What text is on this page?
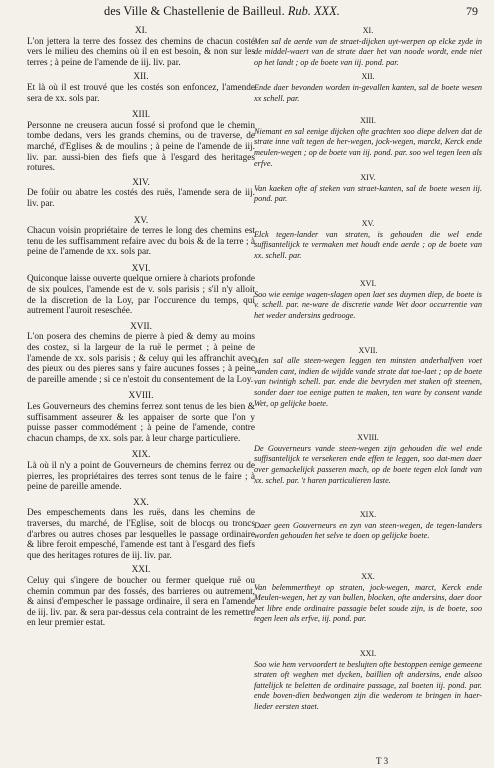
des Ville & Chastellenie de Bailleul. Rub. XXX.	79
XI.
L'on jettera la terre des fossez des chemins de chacun costé vers le milieu des chemins où il en est besoin, & non sur les terres ; à peine de l'amende de iij. liv. par.
XII.
Et là où il est trouvé que les costés son enfoncez, l'amende sera de xx. sols par.
XIII.
Personne ne creusera aucun fossé si profond que le chemin tombe dedans, vers les grands chemins, ou de traverse, de marché, d'Eglises & de moulins ; à peine de l'amende de iij. liv. par. aussi-bien des fiefs que à l'esgard des heritages rotures.
XIV.
De foüir ou abatre les costés des ruës, l'amende sera de iij. liv. par.
XV.
Chacun voisin propriétaire de terres le long des chemins est tenu de les suffisamment refaire avec du bois & de la terre ; à peine de l'amende de xx. sols par.
XVI.
Quiconque laisse ouverte quelque orniere à chariots profonde de six poulces, l'amende est de v. sols parisis ; s'il n'y alloit de la discretion de la Loy, par l'occurence du temps, qui autrement l'auroit reseschée.
XVII.
L'on posera des chemins de pierre à pied & demy au moins des costez, si la largeur de la ruë le permet ; à peine de l'amende de xx. sols parisis ; & celuy qui les affranchit avec des pieux ou des pieres sans y faire aucunes fosses ; à peine de pareille amende ; si ce n'estoit du consentement de la Loy.
XVIII.
Les Gouverneurs des chemins ferrez sont tenus de les bien & suffisamment asseurer & les appaiser de sorte que l'on y puisse passer commodément ; à peine de l'amende, contre chacun champs, de xx. sols par. à leur charge particuliere.
XIX.
Là où il n'y a point de Gouverneurs de chemins ferrez ou de pierres, les propriétaires des terres sont tenus de le faire ; à peine de pareille amende.
XX.
Des empeschements dans les ruës, dans les chemins de traverses, du marché, de l'Eglise, soit de blocqs ou troncs d'arbres ou autres choses par lesquelles le passage ordinaire & libre feroit empesché, l'amende est tant à l'esgard des fiefs que des heritages rotures de iij. liv. par.
XXI.
Celuy qui s'ingere de boucher ou fermer quelque ruë ou chemin commun par des fossés, des barrieres ou autrement, & ainsi d'empescher le passage ordinaire, il sera en l'amende de iij. liv. par. & sera par-dessus cela contraint de les remettre en leur premier estat.
XI.
Men sal de aerde van de straet-dijcken uyt-werpen op elcke zyde in de middel-waert van de strate daer het van noode wordt, ende niet op het landt ; op de boete van iij. pond. par.
XII.
Ende daer bevonden worden in-gevallen kanten, sal de boete wesen xx schell. par.
XIII.
Niemant en sal eenige dijcken ofte grachten soo diepe delven dat de strate inne valt tegen de her-wegen, jock-wegen, marckt, Kerck ende meulen-wegen ; op de boete van iij. pond. par. soo wel tegen leen als erfve.
XIV.
Van kaeken ofte af steken van straet-kanten, sal de boete wesen iij. pond. par.
XV.
Elck tegen-lander van straten, is gehouden die wel ende suffisantelijck te vermaken met houdt ende aerde ; op de boete van xx. schell. par.
XVI.
Soo wie eenige wagen-slagen open laet ses duymen diep, de boete is v. schell. par. ne-ware de discretie vande Wet door occurrentie van het weder andersins gedrooge.
XVII.
Men sal alle steen-wegen leggen ten minsten anderhalfven voet vanden cant, indien de wijdde vande strate dat toe-laet ; op de boete van twintigh schell. par. ende die bevryden met staken oft steenen, sonder daer toe eenige putten te maken, ten ware by consent vande Wet, op gelijcke boete.
XVIII.
De Gouverneurs vande steen-wegen zijn gehouden die wel ende suffisantelijck te versekeren ende effen te leggen, soo dat-men daer over gemackelijck passeren mach, op de boete tegen elck landt van xx. schel. par. 't haren particulieren laste.
XIX.
Daer geen Gouverneurs en zyn van steen-wegen, de tegen-landers worden gehouden het selve te doen op gelijcke boete.
XX.
Van belemmertheyt op straten, jock-wegen, marct, Kerck ende Meulen-wegen, het zy van bullen, blocken, ofte andersins, daer door het libre ende ordinaire passagie belet soude zijn, is de boete, soo tegen leen als erfve, iij. pond. par.
XXI.
Soo wie hem vervoordert te beslujten ofte bestoppen eenige gemeene straten oft weghen met dycken, baillien oft andersins, ende alsoo fattelijck te beletten de ordinaire passage, zal boeten iij. pond. par. ende boven-dien bedwongen zijn die wederom te bringen in haer-lieder eersten staet.
T 3
